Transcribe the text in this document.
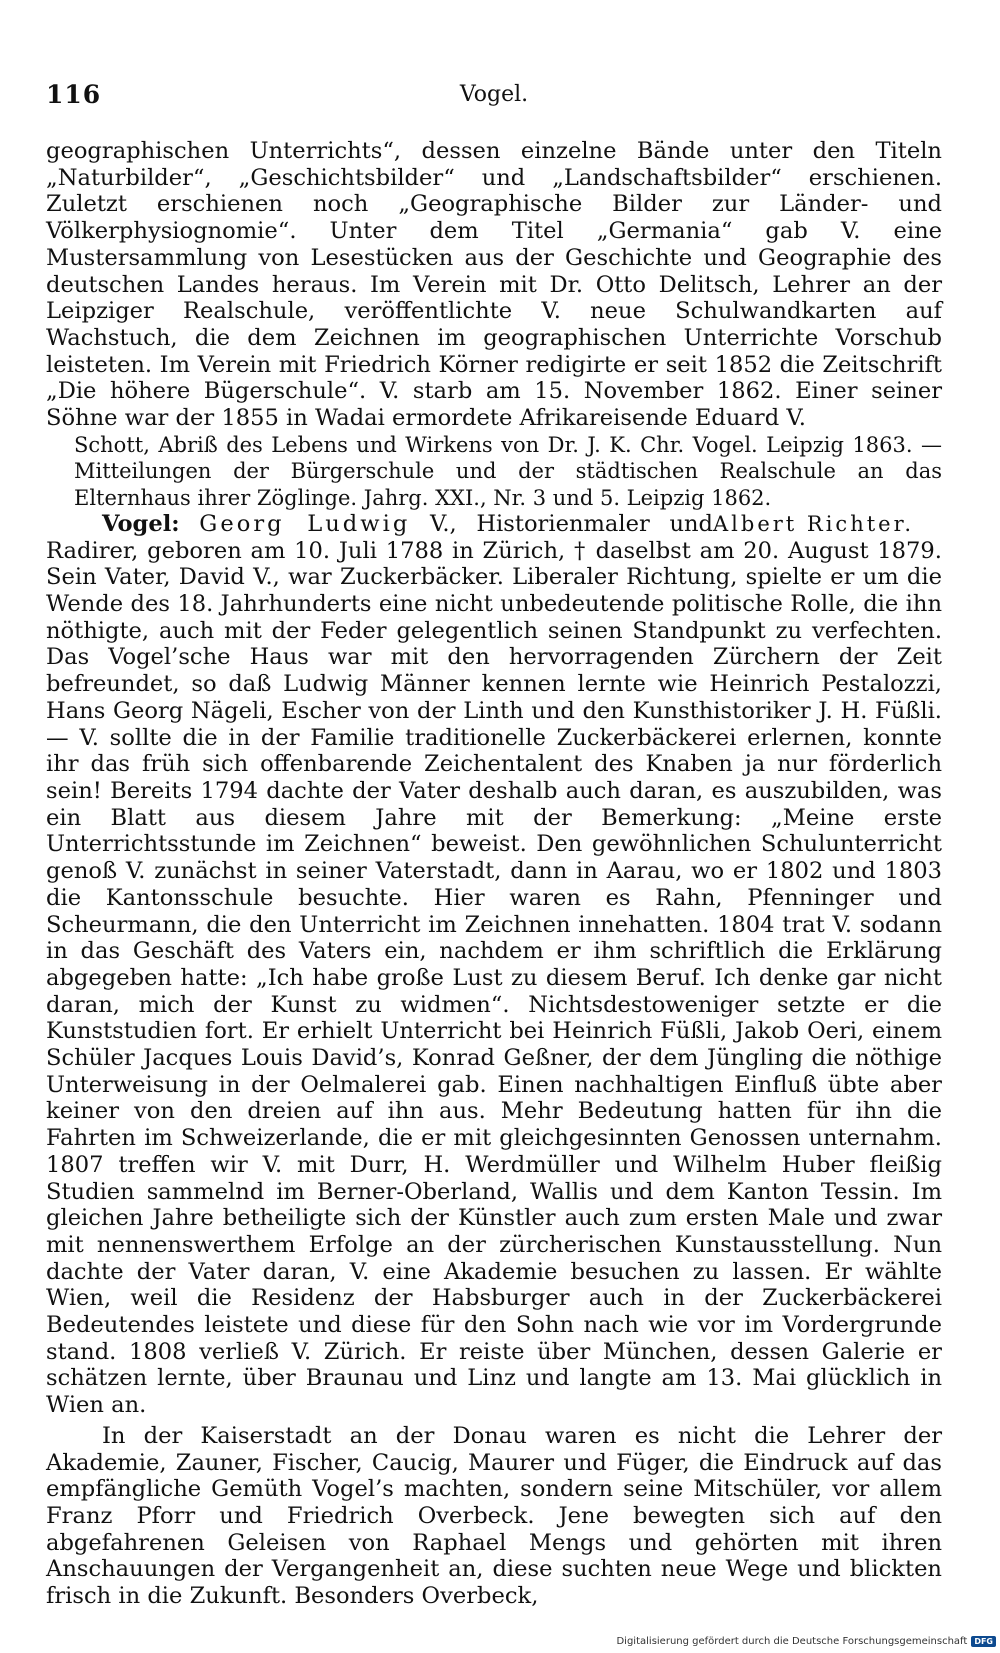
116	Vogel.

geographischen Unterrichts“, dessen einzelne Bände unter den Titeln „Naturbilder“, „Geschichtsbilder“ und „Landschaftsbilder“ erschienen. Zuletzt erschienen noch „Geographische Bilder zur Länder- und Völkerphysiognomie“. Unter dem Titel „Germania“ gab V. eine Mustersammlung von Lesestücken aus der Geschichte und Geographie des deutschen Landes heraus. Im Verein mit Dr. Otto Delitsch, Lehrer an der Leipziger Realschule, veröffentlichte V. neue Schulwandkarten auf Wachstuch, die dem Zeichnen im geographischen Unterrichte Vorschub leisteten. Im Verein mit Friedrich Körner redigirte er seit 1852 die Zeitschrift „Die höhere Bügerschule“. V. starb am 15. November 1862. Einer seiner Söhne war der 1855 in Wadai ermordete Afrikareisende Eduard V.

Schott, Abriß des Lebens und Wirkens von Dr. J. K. Chr. Vogel. Leipzig 1863. — Mitteilungen der Bürgerschule und der städtischen Realschule an das Elternhaus ihrer Zöglinge. Jahrg. XXI., Nr. 3 und 5. Leipzig 1862.
Albert Richter.

Vogel: Georg Ludwig V., Historienmaler und Radirer, geboren am 10. Juli 1788 in Zürich, † daselbst am 20. August 1879. Sein Vater, David V., war Zuckerbäcker. Liberaler Richtung, spielte er um die Wende des 18. Jahrhunderts eine nicht unbedeutende politische Rolle, die ihn nöthigte, auch mit der Feder gelegentlich seinen Standpunkt zu verfechten. Das Vogel’sche Haus war mit den hervorragenden Zürchern der Zeit befreundet, so daß Ludwig Männer kennen lernte wie Heinrich Pestalozzi, Hans Georg Nägeli, Escher von der Linth und den Kunsthistoriker J. H. Füßli. — V. sollte die in der Familie traditionelle Zuckerbäckerei erlernen, konnte ihr das früh sich offenbarende Zeichentalent des Knaben ja nur förderlich sein! Bereits 1794 dachte der Vater deshalb auch daran, es auszubilden, was ein Blatt aus diesem Jahre mit der Bemerkung: „Meine erste Unterrichtsstunde im Zeichnen“ beweist. Den gewöhnlichen Schulunterricht genoß V. zunächst in seiner Vaterstadt, dann in Aarau, wo er 1802 und 1803 die Kantonsschule besuchte. Hier waren es Rahn, Pfenninger und Scheurmann, die den Unterricht im Zeichnen innehatten. 1804 trat V. sodann in das Geschäft des Vaters ein, nachdem er ihm schriftlich die Erklärung abgegeben hatte: „Ich habe große Lust zu diesem Beruf. Ich denke gar nicht daran, mich der Kunst zu widmen“. Nichtsdestoweniger setzte er die Kunststudien fort. Er erhielt Unterricht bei Heinrich Füßli, Jakob Oeri, einem Schüler Jacques Louis David’s, Konrad Geßner, der dem Jüngling die nöthige Unterweisung in der Oelmalerei gab. Einen nachhaltigen Einfluß übte aber keiner von den dreien auf ihn aus. Mehr Bedeutung hatten für ihn die Fahrten im Schweizerlande, die er mit gleichgesinnten Genossen unternahm. 1807 treffen wir V. mit Durr, H. Werdmüller und Wilhelm Huber fleißig Studien sammelnd im Berner-Oberland, Wallis und dem Kanton Tessin. Im gleichen Jahre betheiligte sich der Künstler auch zum ersten Male und zwar mit nennenswerthem Erfolge an der zürcherischen Kunstausstellung. Nun dachte der Vater daran, V. eine Akademie besuchen zu lassen. Er wählte Wien, weil die Residenz der Habsburger auch in der Zuckerbäckerei Bedeutendes leistete und diese für den Sohn nach wie vor im Vordergrunde stand. 1808 verließ V. Zürich. Er reiste über München, dessen Galerie er schätzen lernte, über Braunau und Linz und langte am 13. Mai glücklich in Wien an.

In der Kaiserstadt an der Donau waren es nicht die Lehrer der Akademie, Zauner, Fischer, Caucig, Maurer und Füger, die Eindruck auf das empfängliche Gemüth Vogel’s machten, sondern seine Mitschüler, vor allem Franz Pforr und Friedrich Overbeck. Jene bewegten sich auf den abgefahrenen Geleisen von Raphael Mengs und gehörten mit ihren Anschauungen der Vergangenheit an, diese suchten neue Wege und blickten frisch in die Zukunft. Besonders Overbeck,

Digitalisierung gefördert durch die Deutsche Forschungsgemeinschaft DFG
